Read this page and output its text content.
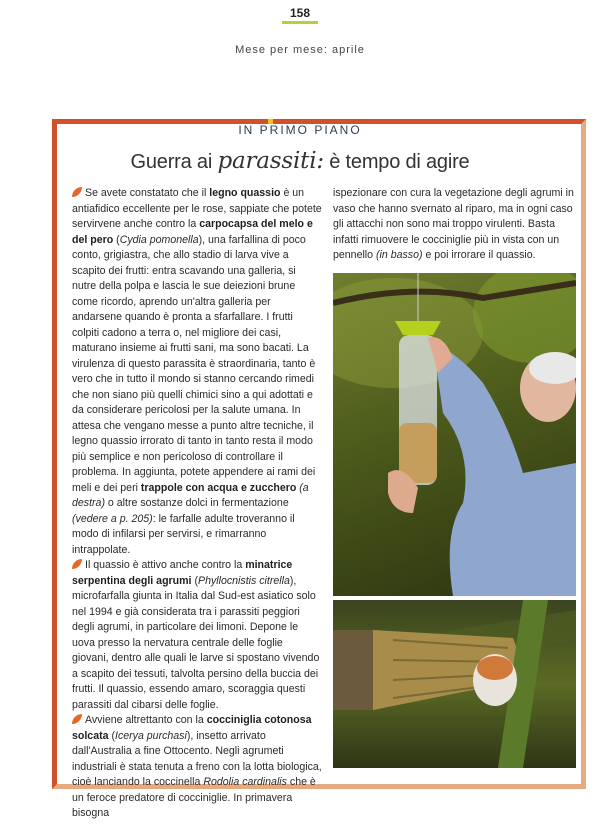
158
Mese per mese: aprile
IN PRIMO PIANO
Guerra ai parassiti: è tempo di agire

Se avete constatato che il legno quassio è un antiafidico eccellente per le rose, sappiate che potete servirvene anche contro la carpocapsa del melo e del pero (Cydia pomonella), una farfallina di poco conto, grigiastra, che allo stadio di larva vive a scapito dei frutti: entra scavando una galleria, si nutre della polpa e lascia le sue deiezioni brune come ricordo, aprendo un'altra galleria per andarsene quando è pronta a sfarfallare. I frutti colpiti cadono a terra o, nel migliore dei casi, maturano insieme ai frutti sani, ma sono bacati. La virulenza di questo parassita è straordinaria, tanto è vero che in tutto il mondo si stanno cercando rimedi che non siano più quelli chimici sino a qui adottati e da considerare pericolosi per la salute umana. In attesa che vengano messe a punto altre tecniche, il legno quassio irrorato di tanto in tanto resta il modo più semplice e non pericoloso di controllare il problema. In aggiunta, potete appendere ai rami dei meli e dei peri trappole con acqua e zucchero (a destra) o altre sostanze dolci in fermentazione (vedere a p. 205): le farfalle adulte troveranno il modo di infilarsi per servirsi, e rimarranno intrappolate.

Il quassio è attivo anche contro la minatrice serpentina degli agrumi (Phyllocnistis citrella), microfarfalla giunta in Italia dal Sud-est asiatico solo nel 1994 e già considerata tra i parassiti peggiori degli agrumi, in particolare dei limoni. Depone le uova presso la nervatura centrale delle foglie giovani, dentro alle quali le larve si spostano vivendo a scapito dei tessuti, talvolta persino della buccia dei frutti. Il quassio, essendo amaro, scoraggia questi parassiti dal cibarsi delle foglie.

Avviene altrettanto con la cocciniglia cotonosa solcata (Icerya purchasi), insetto arrivato dall'Australia a fine Ottocento. Negli agrumeti industriali è stata tenuta a freno con la lotta biologica, cioè lanciando la coccinella Rodolia cardinalis che è un feroce predatore di cocciniglie. In primavera bisogna

ispezionare con cura la vegetazione degli agrumi in vaso che hanno svernato al riparo, ma in ogni caso gli attacchi non sono mai troppo virulenti. Basta infatti rimuovere le cocciniglie più in vista con un pennello (in basso) e poi irrorare il quassio.
